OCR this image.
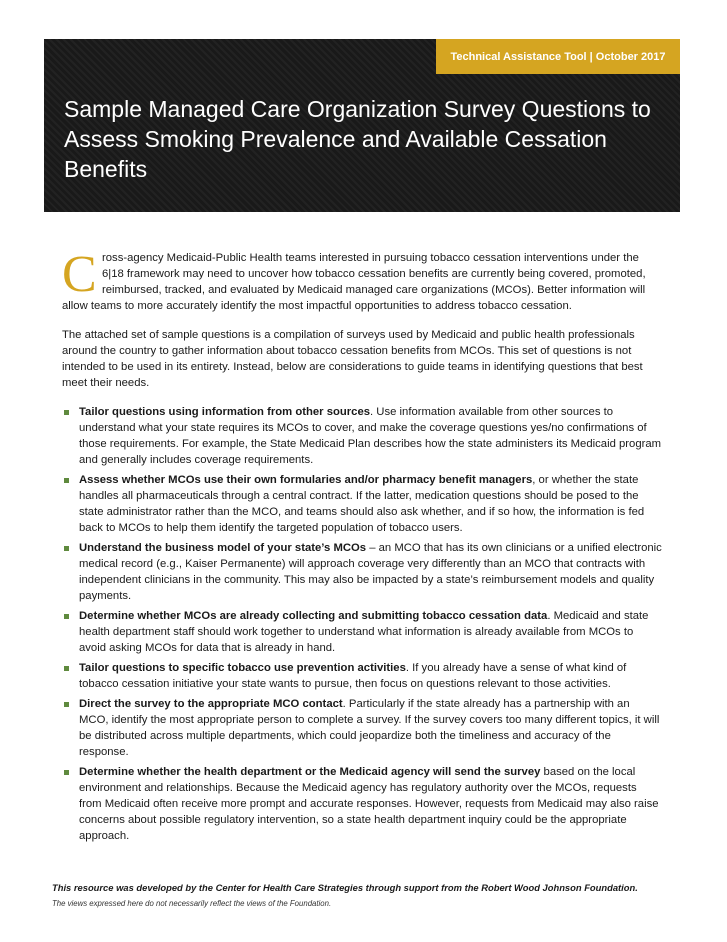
Technical Assistance Tool | October 2017
Sample Managed Care Organization Survey Questions to Assess Smoking Prevalence and Available Cessation Benefits
C ross-agency Medicaid-Public Health teams interested in pursuing tobacco cessation interventions under the
6|18 framework may need to uncover how tobacco cessation benefits are currently being covered, promoted,
reimbursed, tracked, and evaluated by Medicaid managed care organizations (MCOs). Better information will
allow teams to more accurately identify the most impactful opportunities to address tobacco cessation.

The attached set of sample questions is a compilation of surveys used by Medicaid and public health professionals around the country to gather information about tobacco cessation benefits from MCOs. This set of questions is not intended to be used in its entirety. Instead, below are considerations to guide teams in identifying questions that best meet their needs.

Tailor questions using information from other sources. Use information available from other sources to understand what your state requires its MCOs to cover, and make the coverage questions yes/no confirmations of those requirements. For example, the State Medicaid Plan describes how the state administers its Medicaid program and generally includes coverage requirements.
Assess whether MCOs use their own formularies and/or pharmacy benefit managers, or whether the state handles all pharmaceuticals through a central contract. If the latter, medication questions should be posed to the state administrator rather than the MCO, and teams should also ask whether, and if so how, the information is fed back to MCOs to help them identify the targeted population of tobacco users.
Understand the business model of your state’s MCOs – an MCO that has its own clinicians or a unified electronic medical record (e.g., Kaiser Permanente) will approach coverage very differently than an MCO that contracts with independent clinicians in the community. This may also be impacted by a state’s reimbursement models and quality payments.
Determine whether MCOs are already collecting and submitting tobacco cessation data. Medicaid and state health department staff should work together to understand what information is already available from MCOs to avoid asking MCOs for data that is already in hand.
Tailor questions to specific tobacco use prevention activities. If you already have a sense of what kind of tobacco cessation initiative your state wants to pursue, then focus on questions relevant to those activities.
Direct the survey to the appropriate MCO contact. Particularly if the state already has a partnership with an MCO, identify the most appropriate person to complete a survey. If the survey covers too many different topics, it will be distributed across multiple departments, which could jeopardize both the timeliness and accuracy of the response.
Determine whether the health department or the Medicaid agency will send the survey based on the local environment and relationships. Because the Medicaid agency has regulatory authority over the MCOs, requests from Medicaid often receive more prompt and accurate responses. However, requests from Medicaid may also raise concerns about possible regulatory intervention, so a state health department inquiry could be the appropriate approach.
This resource was developed by the Center for Health Care Strategies through support from the Robert Wood Johnson Foundation.
The views expressed here do not necessarily reflect the views of the Foundation.
